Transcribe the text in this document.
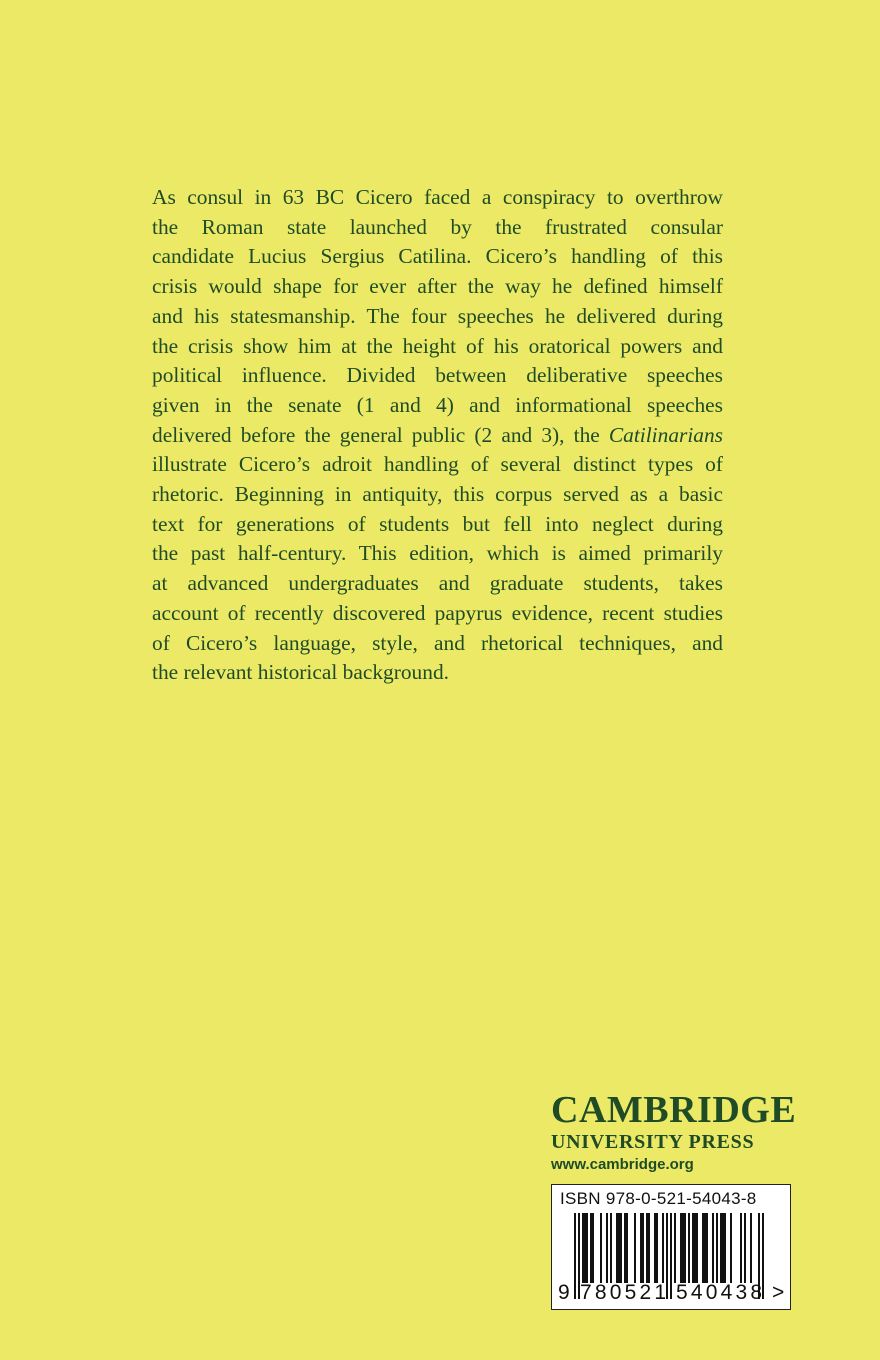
As consul in 63 BC Cicero faced a conspiracy to overthrow
the Roman state launched by the frustrated consular
candidate Lucius Sergius Catilina. Cicero’s handling of this
crisis would shape for ever after the way he defined himself
and his statesmanship. The four speeches he delivered during
the crisis show him at the height of his oratorical powers and
political influence. Divided between deliberative speeches
given in the senate (1 and 4) and informational speeches
delivered before the general public (2 and 3), the Catilinarians
illustrate Cicero’s adroit handling of several distinct types of
rhetoric. Beginning in antiquity, this corpus served as a basic
text for generations of students but fell into neglect during
the past half-century. This edition, which is aimed primarily
at advanced undergraduates and graduate students, takes
account of recently discovered papyrus evidence, recent studies
of Cicero’s language, style, and rhetorical techniques, and
the relevant historical background.
CAMBRIDGE
UNIVERSITY PRESS
www.cambridge.org
ISBN 978-0-521-54043-8
9 780521 540438 >
